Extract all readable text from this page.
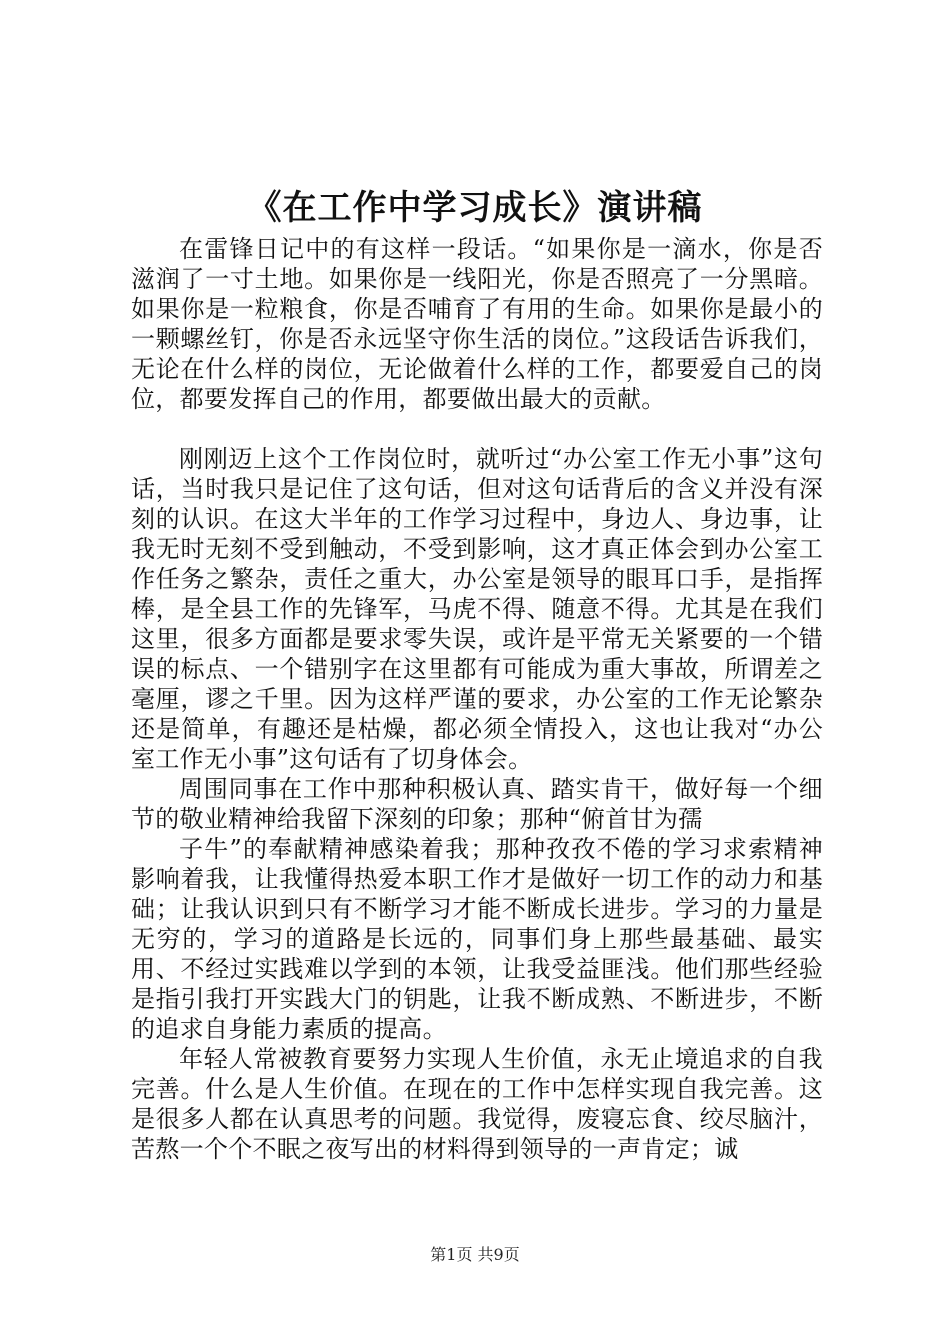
《在工作中学习成长》演讲稿

在雷锋日记中的有这样一段话。“如果你是一滴水，你是否滋润了一寸土地。如果你是一线阳光，你是否照亮了一分黑暗。如果你是一粒粮食，你是否哺育了有用的生命。如果你是最小的一颗螺丝钉，你是否永远坚守你生活的岗位。”这段话告诉我们，无论在什么样的岗位，无论做着什么样的工作，都要爱自己的岗位，都要发挥自己的作用，都要做出最大的贡献。

刚刚迈上这个工作岗位时，就听过“办公室工作无小事”这句话，当时我只是记住了这句话，但对这句话背后的含义并没有深刻的认识。在这大半年的工作学习过程中，身边人、身边事，让我无时无刻不受到触动，不受到影响，这才真正体会到办公室工作任务之繁杂，责任之重大，办公室是领导的眼耳口手，是指挥棒，是全县工作的先锋军，马虎不得、随意不得。尤其是在我们这里，很多方面都是要求零失误，或许是平常无关紧要的一个错误的标点、一个错别字在这里都有可能成为重大事故，所谓差之毫厘，谬之千里。因为这样严谨的要求，办公室的工作无论繁杂还是简单，有趣还是枯燥，都必须全情投入，这也让我对“办公室工作无小事”这句话有了切身体会。

周围同事在工作中那种积极认真、踏实肯干，做好每一个细节的敬业精神给我留下深刻的印象；那种“俯首甘为孺

子牛”的奉献精神感染着我；那种孜孜不倦的学习求索精神影响着我，让我懂得热爱本职工作才是做好一切工作的动力和基础；让我认识到只有不断学习才能不断成长进步。学习的力量是无穷的，学习的道路是长远的，同事们身上那些最基础、最实用、不经过实践难以学到的本领，让我受益匪浅。他们那些经验是指引我打开实践大门的钥匙，让我不断成熟、不断进步，不断的追求自身能力素质的提高。

年轻人常被教育要努力实现人生价值，永无止境追求的自我完善。什么是人生价值。在现在的工作中怎样实现自我完善。这是很多人都在认真思考的问题。我觉得，废寝忘食、绞尽脑汁，苦熬一个个不眠之夜写出的材料得到领导的一声肯定；诚

第1页 共9页
